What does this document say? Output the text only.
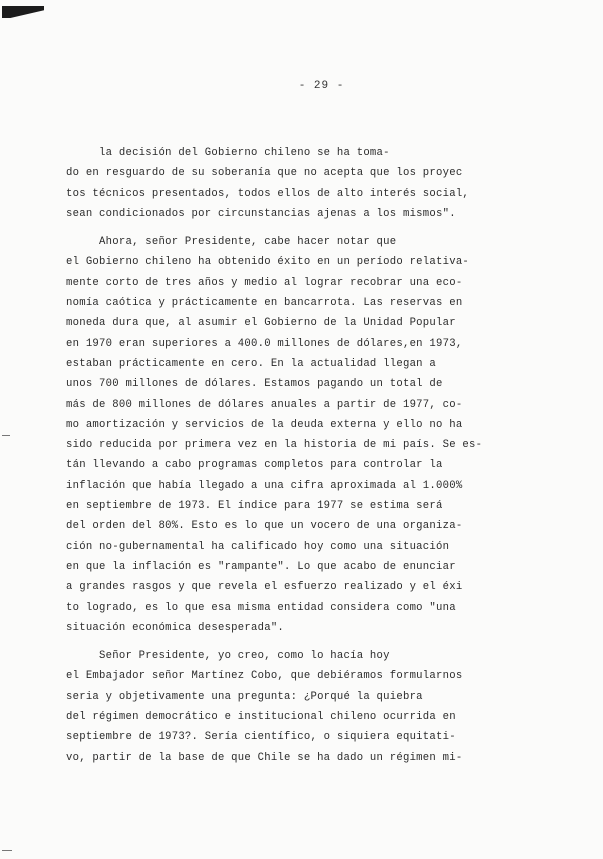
- 29 -
la decisión del Gobierno chileno se ha toma-
do en resguardo de su soberanía que no acepta que los proyec
tos técnicos presentados, todos ellos de alto interés social,
sean condicionados por circunstancias ajenas a los mismos".
Ahora, señor Presidente, cabe hacer notar que
el Gobierno chileno ha obtenido éxito en un período relativa-
mente corto de tres años y medio al lograr recobrar una eco-
nomía caótica y prácticamente en bancarrota. Las reservas en
moneda dura que, al asumir el Gobierno de la Unidad Popular
en 1970 eran superiores a 400.0 millones de dólares,en 1973,
estaban prácticamente en cero. En la actualidad llegan a
unos 700 millones de dólares. Estamos pagando un total de
más de 800 millones de dólares anuales a partir de 1977, co-
mo amortización y servicios de la deuda externa y ello no ha
sido reducida por primera vez en la historia de mi país. Se es-
tán llevando a cabo programas completos para controlar la
inflación que había llegado a una cifra aproximada al 1.000%
en septiembre de 1973. El índice para 1977 se estima será
del orden del 80%. Esto es lo que un vocero de una organiza-
ción no-gubernamental ha calificado hoy como una situación
en que la inflación es "rampante". Lo que acabo de enunciar
a grandes rasgos y que revela el esfuerzo realizado y el éxi
to logrado, es lo que esa misma entidad considera como "una
situación económica desesperada".
Señor Presidente, yo creo, como lo hacía hoy
el Embajador señor Martínez Cobo, que debiéramos formularnos
seria y objetivamente una pregunta: ¿Porqué la quiebra
del régimen democrático e institucional chileno ocurrida en
septiembre de 1973?. Sería científico, o siquiera equitati-
vo, partir de la base de que Chile se ha dado un régimen mi-
